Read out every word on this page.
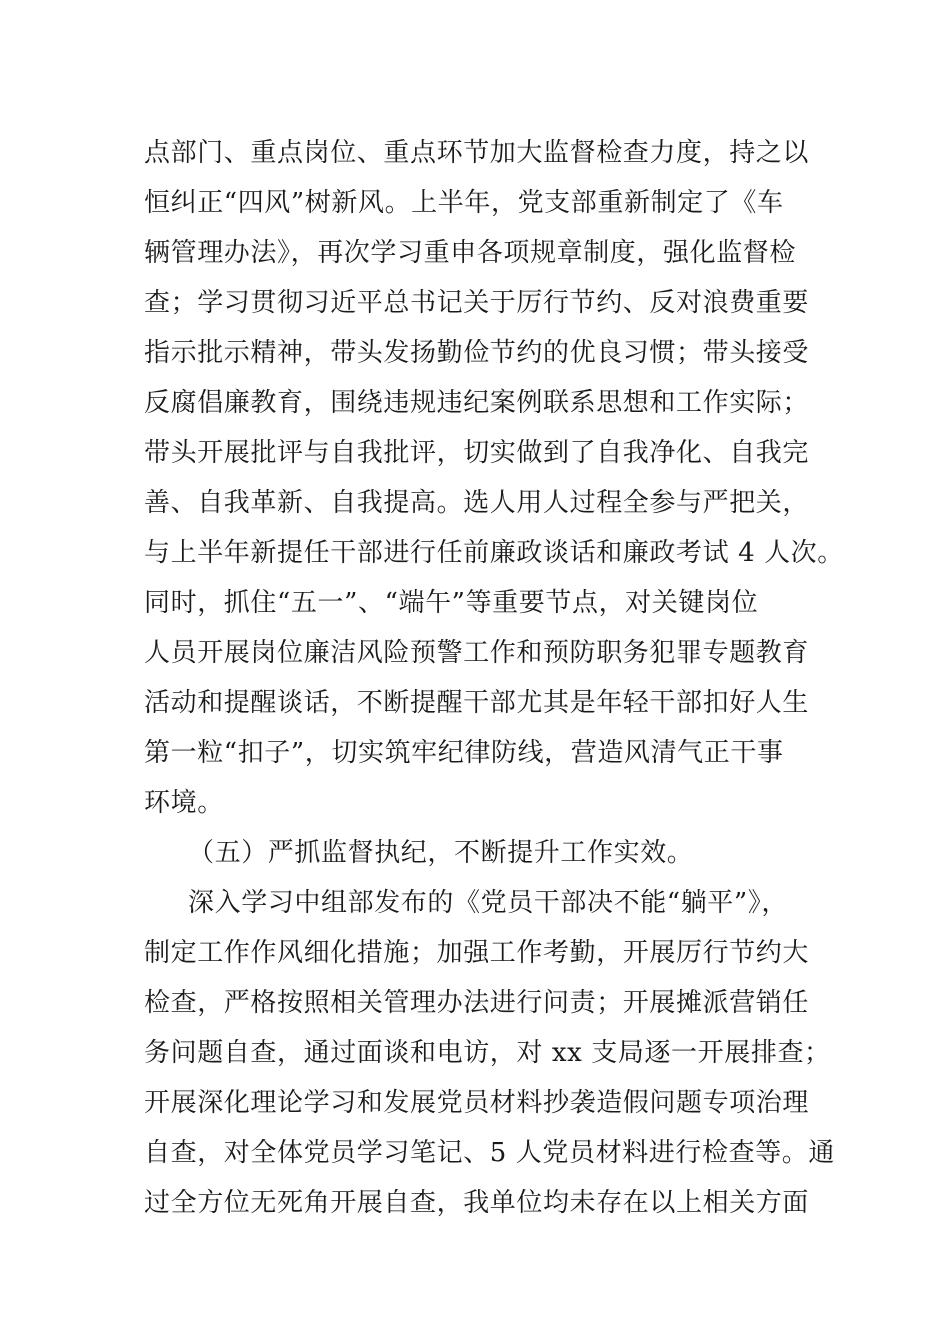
点部门、重点岗位、重点环节加大监督检查力度，持之以
恒纠正“四风”树新风。上半年，党支部重新制定了《车
辆管理办法》，再次学习重申各项规章制度，强化监督检
查；学习贯彻习近平总书记关于厉行节约、反对浪费重要
指示批示精神，带头发扬勤俭节约的优良习惯；带头接受
反腐倡廉教育，围绕违规违纪案例联系思想和工作实际；
带头开展批评与自我批评，切实做到了自我净化、自我完
善、自我革新、自我提高。选人用人过程全参与严把关，
与上半年新提任干部进行任前廉政谈话和廉政考试 4 人次。
同时，抓住“五一”、“端午”等重要节点，对关键岗位
人员开展岗位廉洁风险预警工作和预防职务犯罪专题教育
活动和提醒谈话，不断提醒干部尤其是年轻干部扣好人生
第一粒“扣子”，切实筑牢纪律防线，营造风清气正干事
环境。
（五）严抓监督执纪，不断提升工作实效。
深入学习中组部发布的《党员干部决不能“躺平”》，
制定工作作风细化措施；加强工作考勤，开展厉行节约大
检查，严格按照相关管理办法进行问责；开展摊派营销任
务问题自查，通过面谈和电访，对 xx 支局逐一开展排查；
开展深化理论学习和发展党员材料抄袭造假问题专项治理
自查，对全体党员学习笔记、5 人党员材料进行检查等。通
过全方位无死角开展自查，我单位均未存在以上相关方面
